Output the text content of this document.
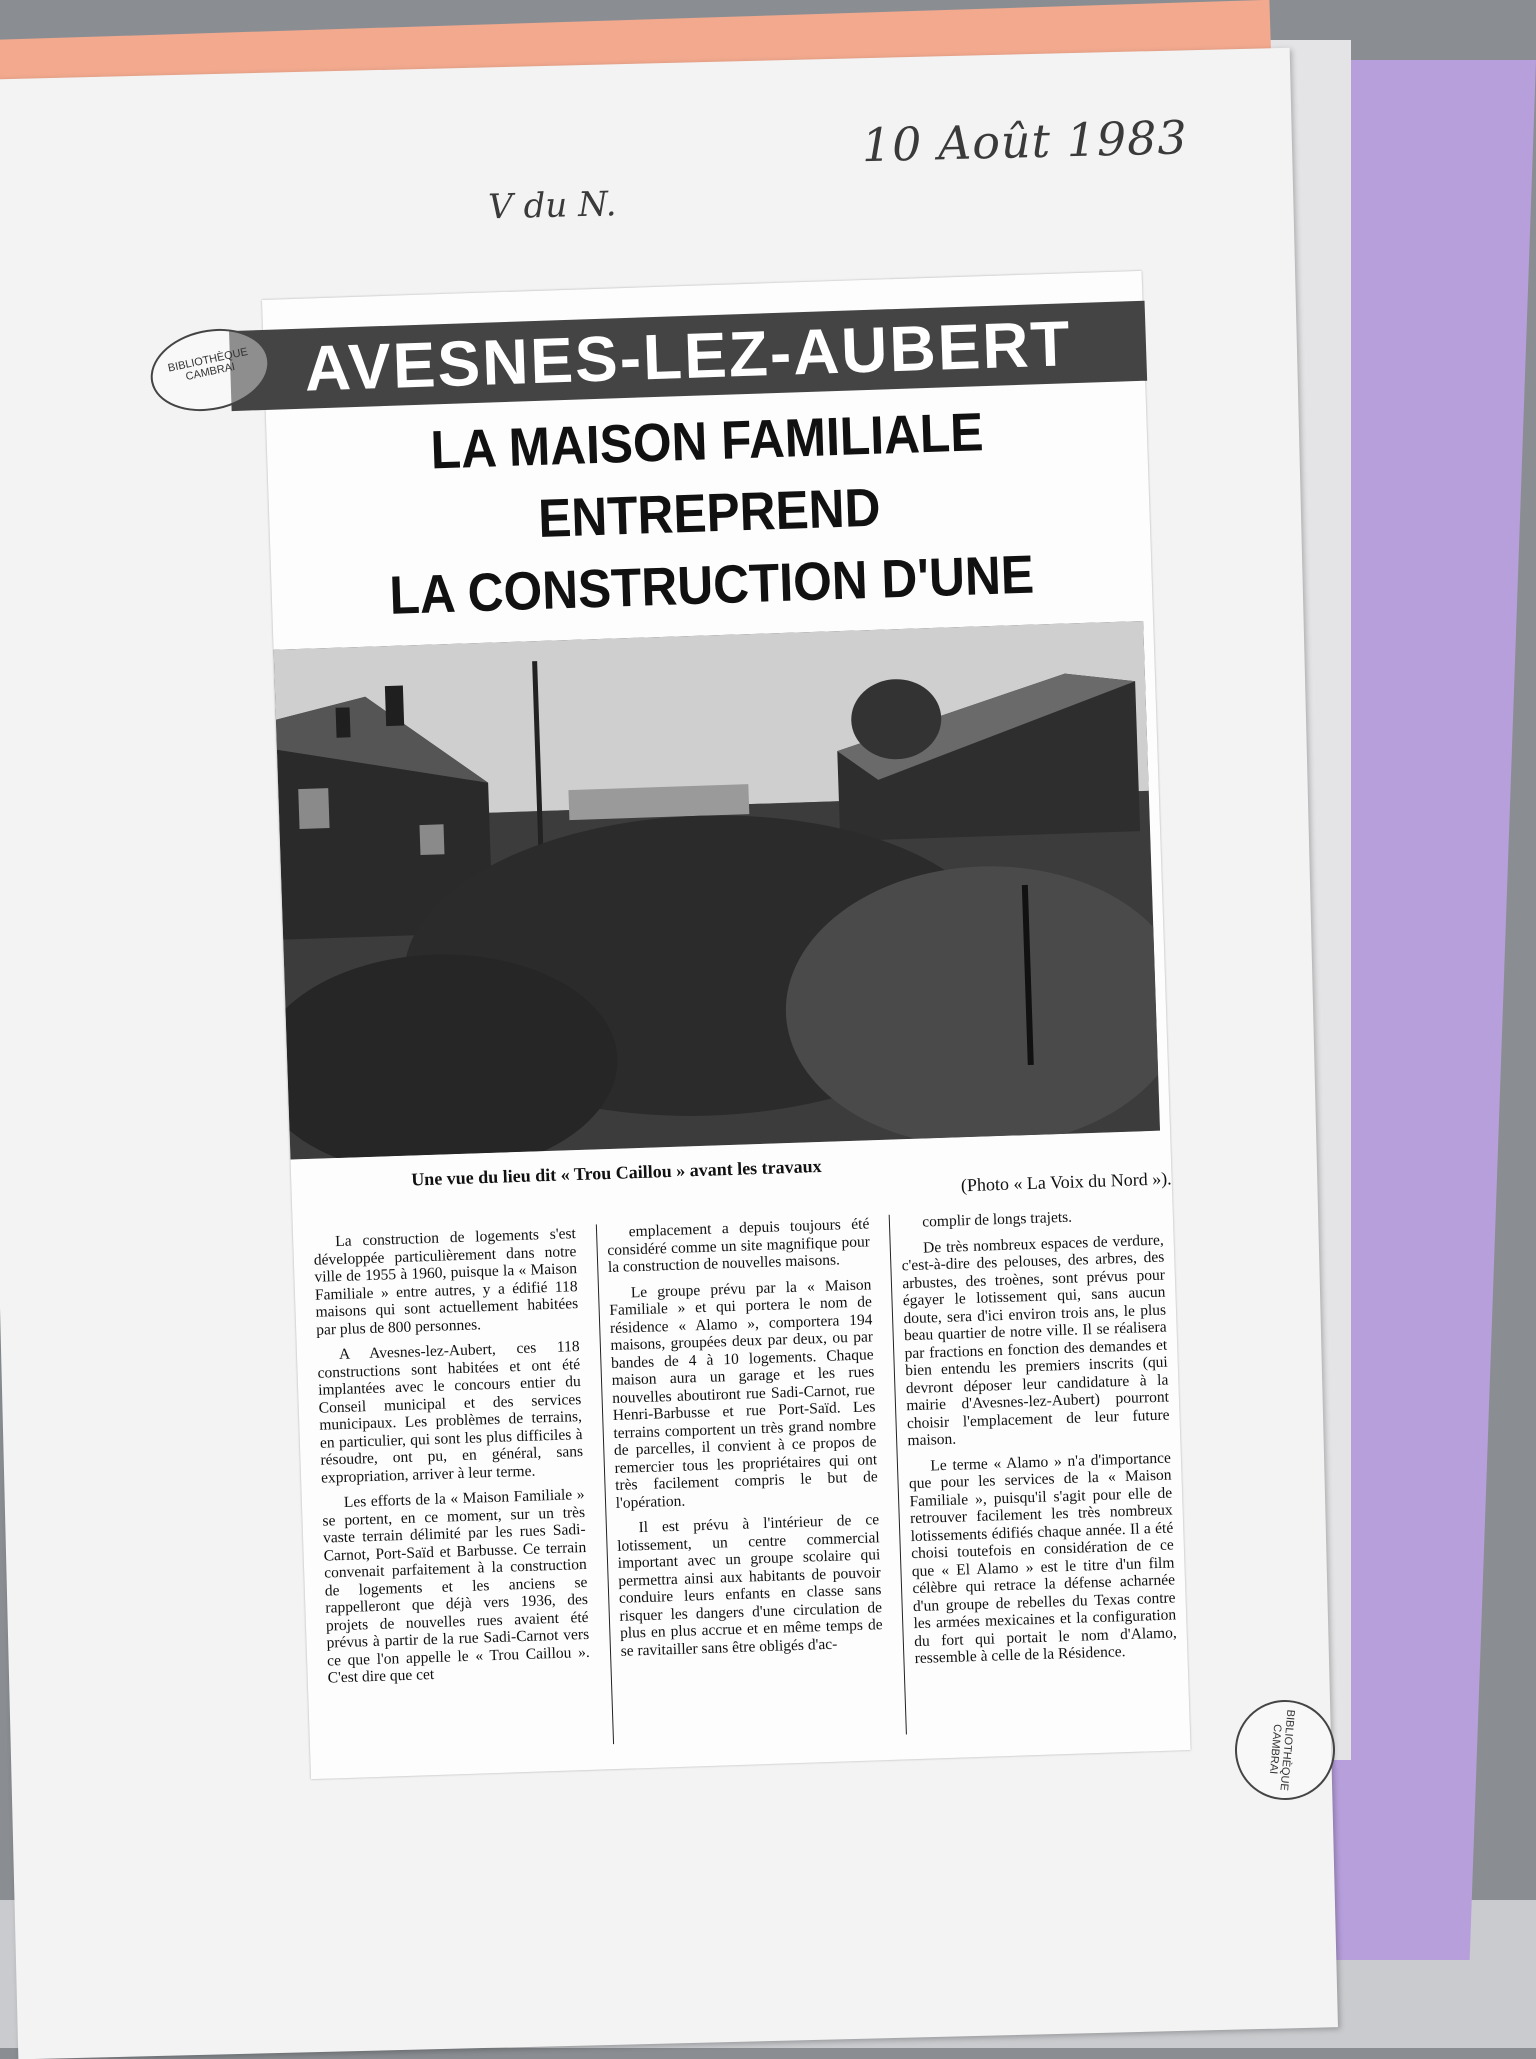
10 Août 1983
V du N.
AVESNES-LEZ-AUBERT
LA MAISON FAMILIALE ENTREPREND
LA CONSTRUCTION D'UNE
Une vue du lieu dit « Trou Caillou » avant les travaux	(Photo « La Voix du Nord »).

La construction de logements s'est développée particulièrement dans notre ville de 1955 à 1960, puisque la « Maison Familiale » entre autres, y a édifié 118 maisons qui sont actuellement habitées par plus de 800 personnes.

A Avesnes-lez-Aubert, ces 118 constructions sont habitées et ont été implantées avec le concours entier du Conseil municipal et des services municipaux. Les problèmes de terrains, en particulier, qui sont les plus difficiles à résoudre, ont pu, en général, sans expropriation, arriver à leur terme.

Les efforts de la « Maison Familiale » se portent, en ce moment, sur un très vaste terrain délimité par les rues Sadi-Carnot, Port-Saïd et Barbusse. Ce terrain convenait parfaitement à la construction de logements et les anciens se rappelleront que déjà vers 1936, des projets de nouvelles rues avaient été prévus à partir de la rue Sadi-Carnot vers ce que l'on appelle le « Trou Caillou ». C'est dire que cet

emplacement a depuis toujours été considéré comme un site magnifique pour la construction de nouvelles maisons.

Le groupe prévu par la « Maison Familiale » et qui portera le nom de résidence « Alamo », comportera 194 maisons, groupées deux par deux, ou par bandes de 4 à 10 logements. Chaque maison aura un garage et les rues nouvelles aboutiront rue Sadi-Carnot, rue Henri-Barbusse et rue Port-Saïd. Les terrains comportent un très grand nombre de parcelles, il convient à ce propos de remercier tous les propriétaires qui ont très facilement compris le but de l'opération.

Il est prévu à l'intérieur de ce lotissement, un centre commercial important avec un groupe scolaire qui permettra ainsi aux habitants de pouvoir conduire leurs enfants en classe sans risquer les dangers d'une circulation de plus en plus accrue et en même temps de se ravitailler sans être obligés d'ac-

complir de longs trajets.

De très nombreux espaces de verdure, c'est-à-dire des pelouses, des arbres, des arbustes, des troènes, sont prévus pour égayer le lotissement qui, sans aucun doute, sera d'ici environ trois ans, le plus beau quartier de notre ville. Il se réalisera par fractions en fonction des demandes et bien entendu les premiers inscrits (qui devront déposer leur candidature à la mairie d'Avesnes-lez-Aubert) pourront choisir l'emplacement de leur future maison.

Le terme « Alamo » n'a d'importance que pour les services de la « Maison Familiale », puisqu'il s'agit pour elle de retrouver facilement les très nombreux lotissements édifiés chaque année. Il a été choisi toutefois en considération de ce que « El Alamo » est le titre d'un film célèbre qui retrace la défense acharnée d'un groupe de rebelles du Texas contre les armées mexicaines et la configuration du fort qui portait le nom d'Alamo, ressemble à celle de la Résidence.

BIBLIOTHÈQUE CAMBRAI
BIBLIOTHÈQUE CAMBRAI
